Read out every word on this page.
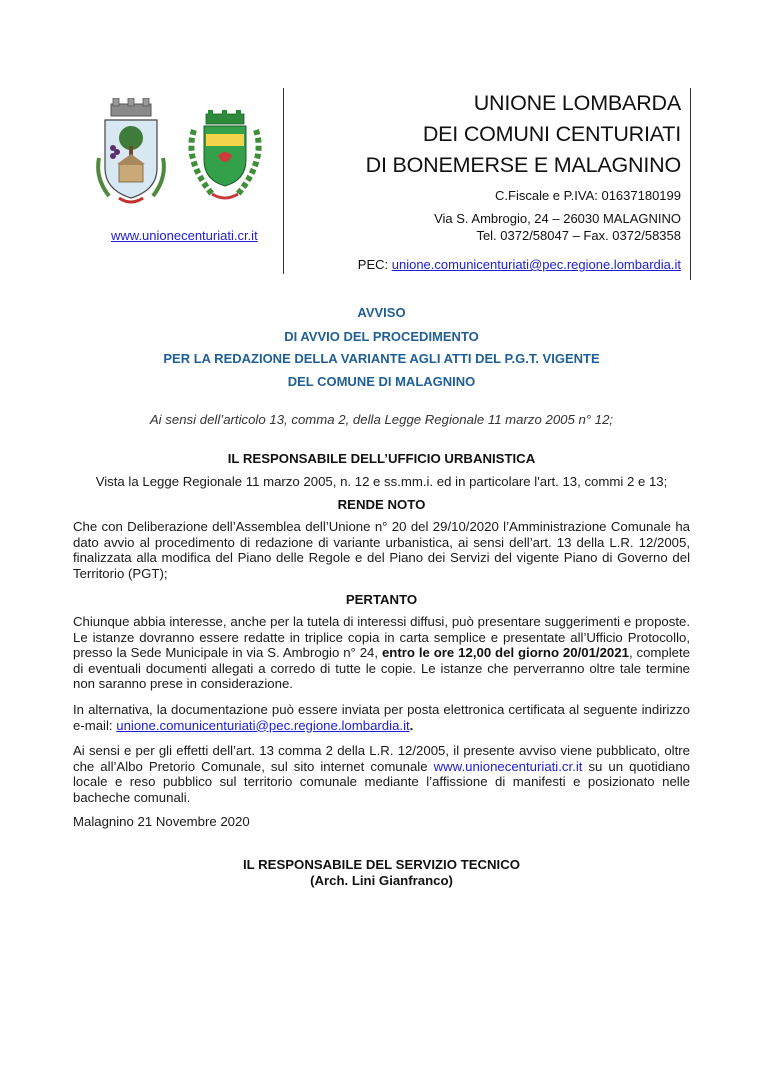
www.unionecenturiati.cr.it
UNIONE LOMBARDA
DEI COMUNI CENTURIATI
DI BONEMERSE E MALAGNINO
C.Fiscale e P.IVA: 01637180199
Via S. Ambrogio, 24 – 26030 MALAGNINO
Tel. 0372/58047 – Fax. 0372/58358
PEC: unione.comunicenturiati@pec.regione.lombardia.it
AVVISO
DI AVVIO DEL PROCEDIMENTO
PER LA REDAZIONE DELLA VARIANTE AGLI ATTI DEL P.G.T. VIGENTE
DEL COMUNE DI MALAGNINO
Ai sensi dell’articolo 13, comma 2, della Legge Regionale 11 marzo 2005 n° 12;
IL RESPONSABILE DELL’UFFICIO URBANISTICA
Vista la Legge Regionale 11 marzo 2005, n. 12 e ss.mm.i. ed in particolare l'art. 13, commi 2 e 13;
RENDE NOTO
Che con Deliberazione dell’Assemblea dell’Unione n° 20 del 29/10/2020 l’Amministrazione Comunale ha dato avvio al procedimento di redazione di variante urbanistica, ai sensi dell’art. 13 della L.R. 12/2005, finalizzata alla modifica del Piano delle Regole e del Piano dei Servizi del vigente Piano di Governo del Territorio (PGT);
PERTANTO
Chiunque abbia interesse, anche per la tutela di interessi diffusi, può presentare suggerimenti e proposte. Le istanze dovranno essere redatte in triplice copia in carta semplice e presentate all’Ufficio Protocollo, presso la Sede Municipale in via S. Ambrogio n° 24, entro le ore 12,00 del giorno 20/01/2021, complete di eventuali documenti allegati a corredo di tutte le copie. Le istanze che perverranno oltre tale termine non saranno prese in considerazione.
In alternativa, la documentazione può essere inviata per posta elettronica certificata al seguente indirizzo e-mail: unione.comunicenturiati@pec.regione.lombardia.it.
Ai sensi e per gli effetti dell’art. 13 comma 2 della L.R. 12/2005, il presente avviso viene pubblicato, oltre che all’Albo Pretorio Comunale, sul sito internet comunale www.unionecenturiati.cr.it su un quotidiano locale e reso pubblico sul territorio comunale mediante l’affissione di manifesti e posizionato nelle bacheche comunali.
Malagnino 21 Novembre 2020
IL RESPONSABILE DEL SERVIZIO TECNICO
(Arch. Lini Gianfranco)
